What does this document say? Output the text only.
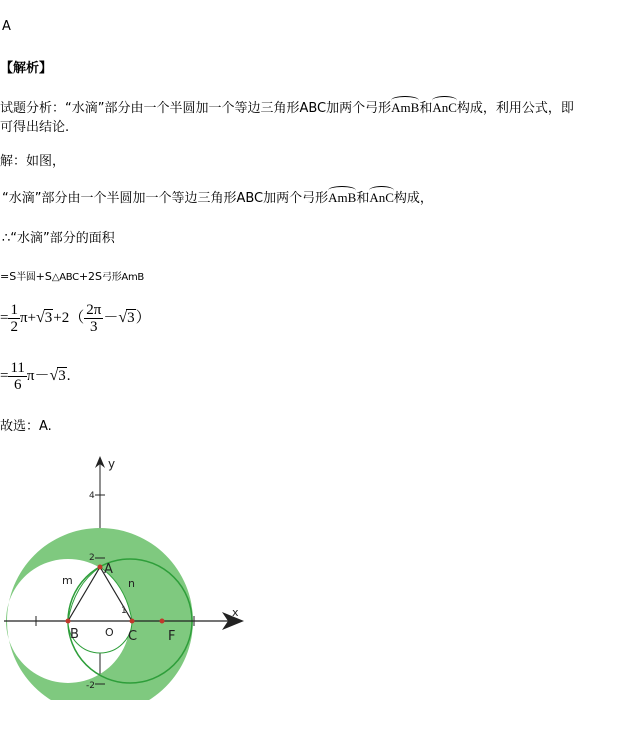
A
【解析】
试题分析：“水滴”部分由一个半圆加一个等边三角形ABC加两个弓形AmB和AnC构成，利用公式，即
可得出结论.
解：如图，
“水滴”部分由一个半圆加一个等边三角形ABC加两个弓形AmB和AnC构成，
∴“水滴”部分的面积
=S半圆+S△ABC+2S弓形AmB
= $\frac{1}{2} \pi+√3+2( \frac{2\pi}{3} -√3)$
= $\frac{11}{6} \pi-√3$.
故选：A.
y
x
4
2
1
-2
A
B O C F
m	n
